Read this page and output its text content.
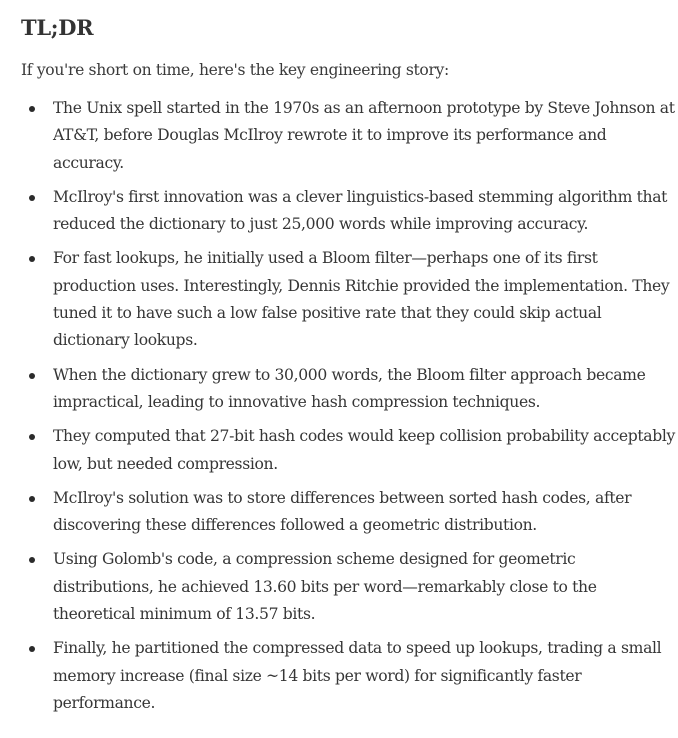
TL;DR

If you're short on time, here's the key engineering story:

The Unix spell started in the 1970s as an afternoon prototype by Steve Johnson at AT&T, before Douglas McIlroy rewrote it to improve its performance and accuracy.
McIlroy's first innovation was a clever linguistics-based stemming algorithm that reduced the dictionary to just 25,000 words while improving accuracy.
For fast lookups, he initially used a Bloom filter—perhaps one of its first production uses. Interestingly, Dennis Ritchie provided the implementation. They tuned it to have such a low false positive rate that they could skip actual dictionary lookups.
When the dictionary grew to 30,000 words, the Bloom filter approach became impractical, leading to innovative hash compression techniques.
They computed that 27-bit hash codes would keep collision probability acceptably low, but needed compression.
McIlroy's solution was to store differences between sorted hash codes, after discovering these differences followed a geometric distribution.
Using Golomb's code, a compression scheme designed for geometric distributions, he achieved 13.60 bits per word—remarkably close to the theoretical minimum of 13.57 bits.
Finally, he partitioned the compressed data to speed up lookups, trading a small memory increase (final size ~14 bits per word) for significantly faster performance.
